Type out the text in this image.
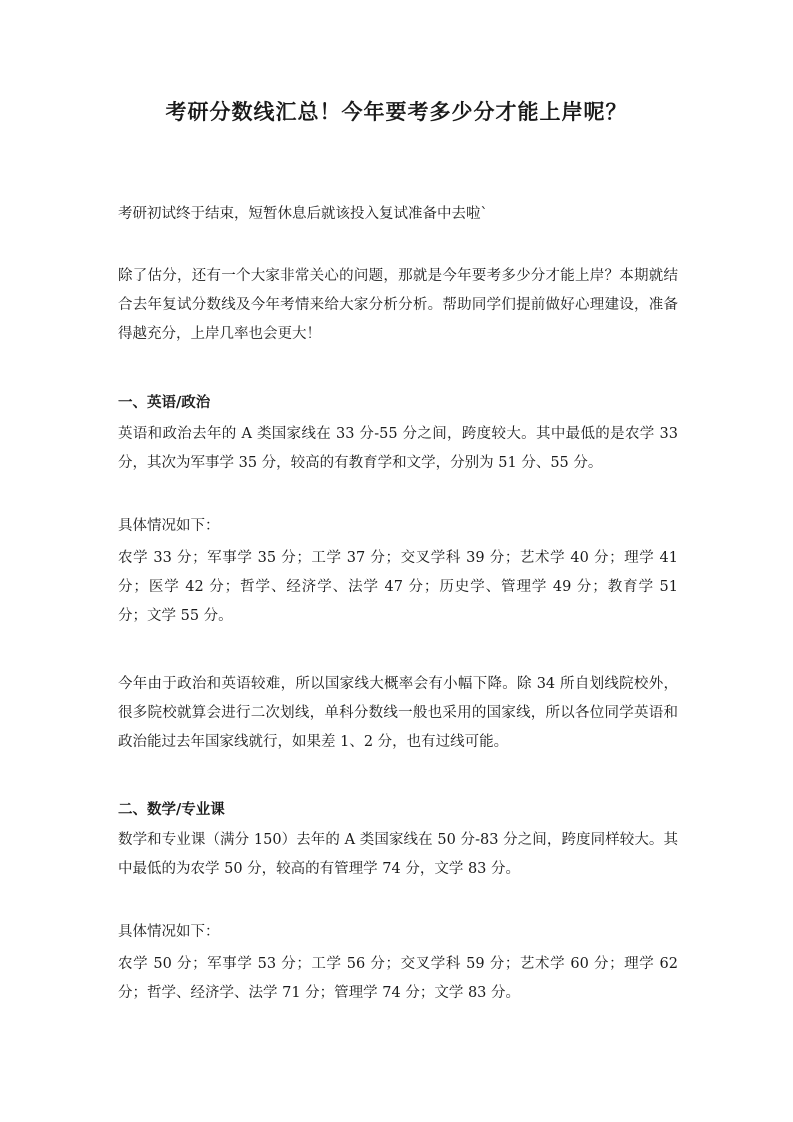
考研分数线汇总！今年要考多少分才能上岸呢？

考研初试终于结束，短暂休息后就该投入复试准备中去啦`

除了估分，还有一个大家非常关心的问题，那就是今年要考多少分才能上岸？本期就结合去年复试分数线及今年考情来给大家分析分析。帮助同学们提前做好心理建设，准备得越充分，上岸几率也会更大！

一、英语/政治

英语和政治去年的 A 类国家线在 33 分-55 分之间，跨度较大。其中最低的是农学 33 分，其次为军事学 35 分，较高的有教育学和文学，分别为 51 分、55 分。

具体情况如下：

农学 33 分；军事学 35 分；工学 37 分；交叉学科 39 分；艺术学 40 分；理学 41 分；医学 42 分；哲学、经济学、法学 47 分；历史学、管理学 49 分；教育学 51 分；文学 55 分。

今年由于政治和英语较难，所以国家线大概率会有小幅下降。除 34 所自划线院校外，很多院校就算会进行二次划线，单科分数线一般也采用的国家线，所以各位同学英语和政治能过去年国家线就行，如果差 1、2 分，也有过线可能。

二、数学/专业课

数学和专业课（满分 150）去年的 A 类国家线在 50 分-83 分之间，跨度同样较大。其中最低的为农学 50 分，较高的有管理学 74 分，文学 83 分。

具体情况如下：

农学 50 分；军事学 53 分；工学 56 分；交叉学科 59 分；艺术学 60 分；理学 62 分；哲学、经济学、法学 71 分；管理学 74 分；文学 83 分。
